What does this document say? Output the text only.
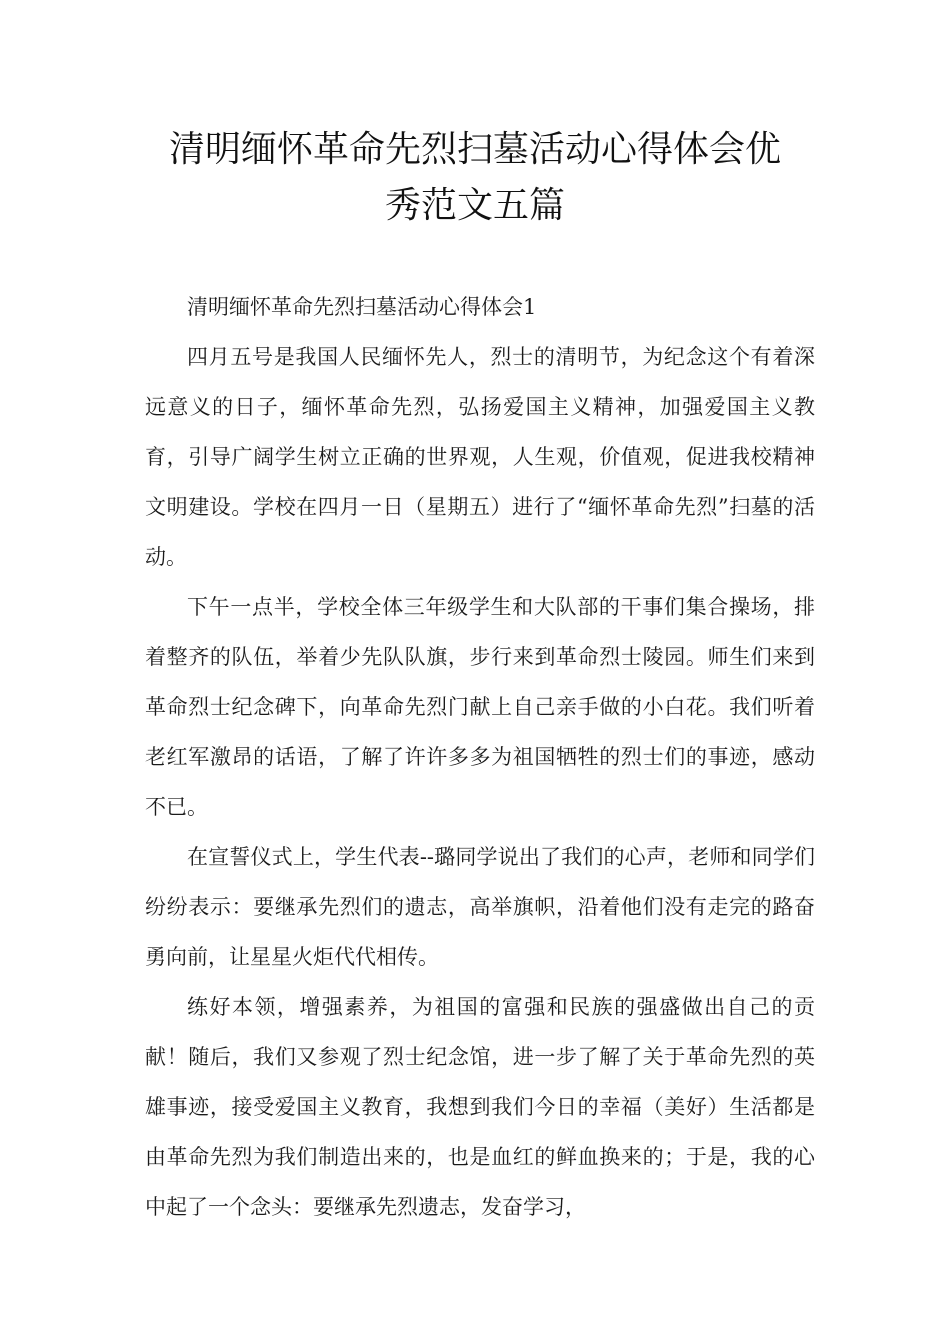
清明缅怀革命先烈扫墓活动心得体会优
秀范文五篇

清明缅怀革命先烈扫墓活动心得体会1

四月五号是我国人民缅怀先人，烈士的清明节，为纪念这个有着深远意义的日子，缅怀革命先烈，弘扬爱国主义精神，加强爱国主义教育，引导广阔学生树立正确的世界观，人生观，价值观，促进我校精神文明建设。学校在四月一日（星期五）进行了“缅怀革命先烈”扫墓的活动。

下午一点半，学校全体三年级学生和大队部的干事们集合操场，排着整齐的队伍，举着少先队队旗，步行来到革命烈士陵园。师生们来到革命烈士纪念碑下，向革命先烈门献上自己亲手做的小白花。我们听着老红军激昂的话语，了解了许许多多为祖国牺牲的烈士们的事迹，感动不已。

在宣誓仪式上，学生代表--璐同学说出了我们的心声，老师和同学们纷纷表示：要继承先烈们的遗志，高举旗帜，沿着他们没有走完的路奋勇向前，让星星火炬代代相传。

练好本领，增强素养，为祖国的富强和民族的强盛做出自己的贡献！随后，我们又参观了烈士纪念馆，进一步了解了关于革命先烈的英雄事迹，接受爱国主义教育，我想到我们今日的幸福（美好）生活都是由革命先烈为我们制造出来的，也是血红的鲜血换来的；于是，我的心中起了一个念头：要继承先烈遗志，发奋学习，
